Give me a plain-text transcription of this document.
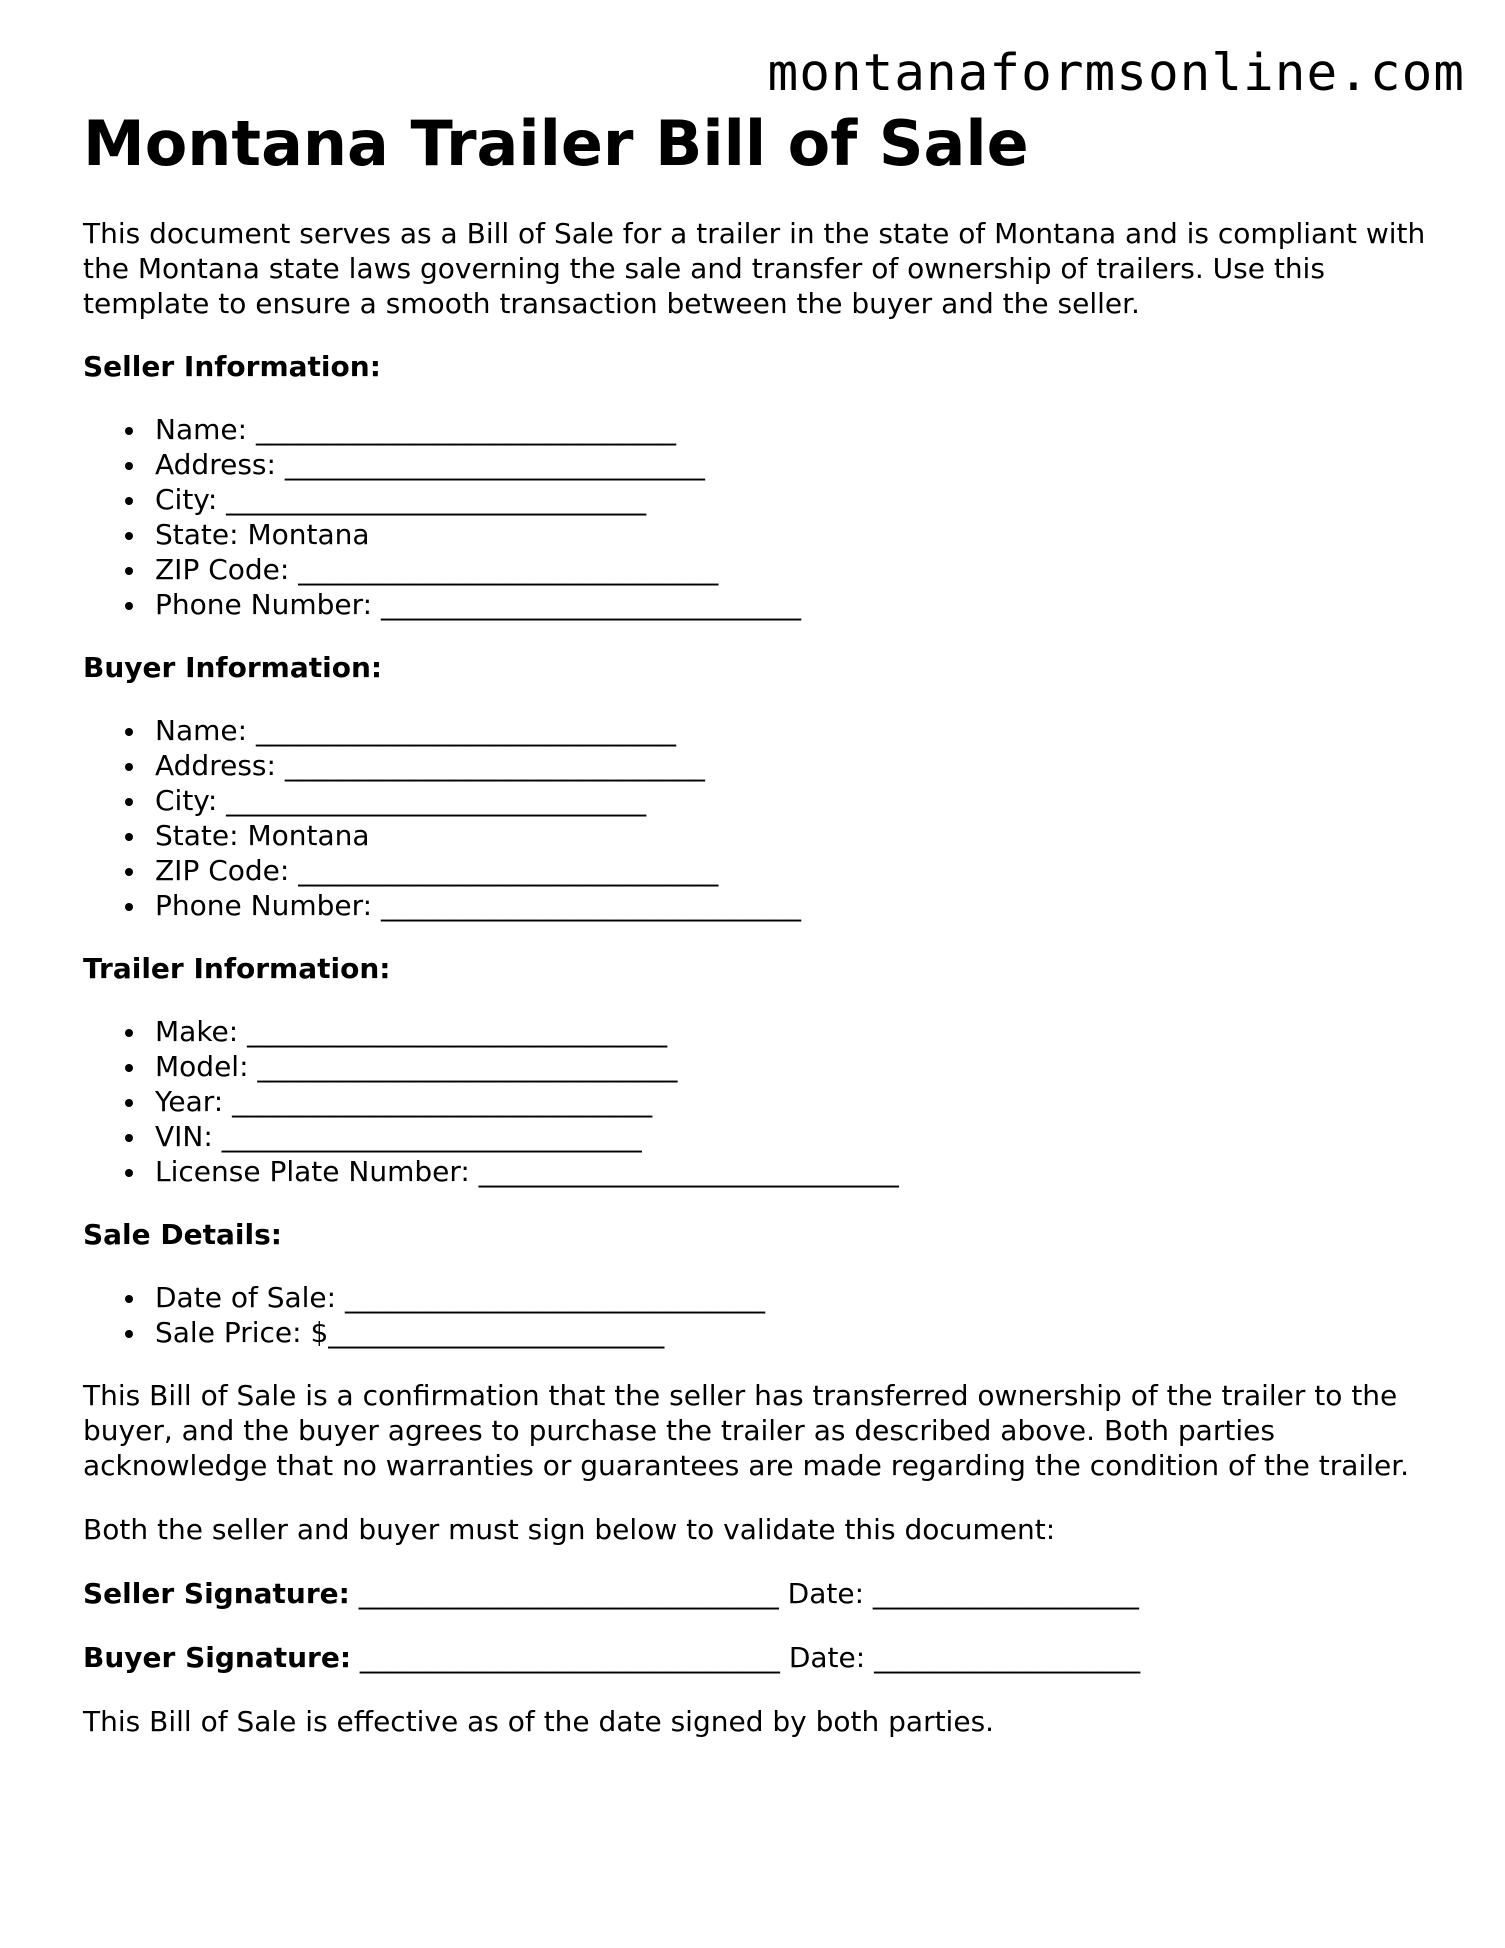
montanaformsonline.com
Montana Trailer Bill of Sale

This document serves as a Bill of Sale for a trailer in the state of Montana and is compliant with the Montana state laws governing the sale and transfer of ownership of trailers. Use this template to ensure a smooth transaction between the buyer and the seller.

Seller Information:

Name: ______________________________
Address: ______________________________
City: ______________________________
State: Montana
ZIP Code: ______________________________
Phone Number: ______________________________

Buyer Information:

Name: ______________________________
Address: ______________________________
City: ______________________________
State: Montana
ZIP Code: ______________________________
Phone Number: ______________________________

Trailer Information:

Make: ______________________________
Model: ______________________________
Year: ______________________________
VIN: ______________________________
License Plate Number: ______________________________

Sale Details:

Date of Sale: ______________________________
Sale Price: $________________________

This Bill of Sale is a confirmation that the seller has transferred ownership of the trailer to the buyer, and the buyer agrees to purchase the trailer as described above. Both parties acknowledge that no warranties or guarantees are made regarding the condition of the trailer.

Both the seller and buyer must sign below to validate this document:

Seller Signature: ______________________________ Date: ___________________

Buyer Signature: ______________________________ Date: ___________________

This Bill of Sale is effective as of the date signed by both parties.
